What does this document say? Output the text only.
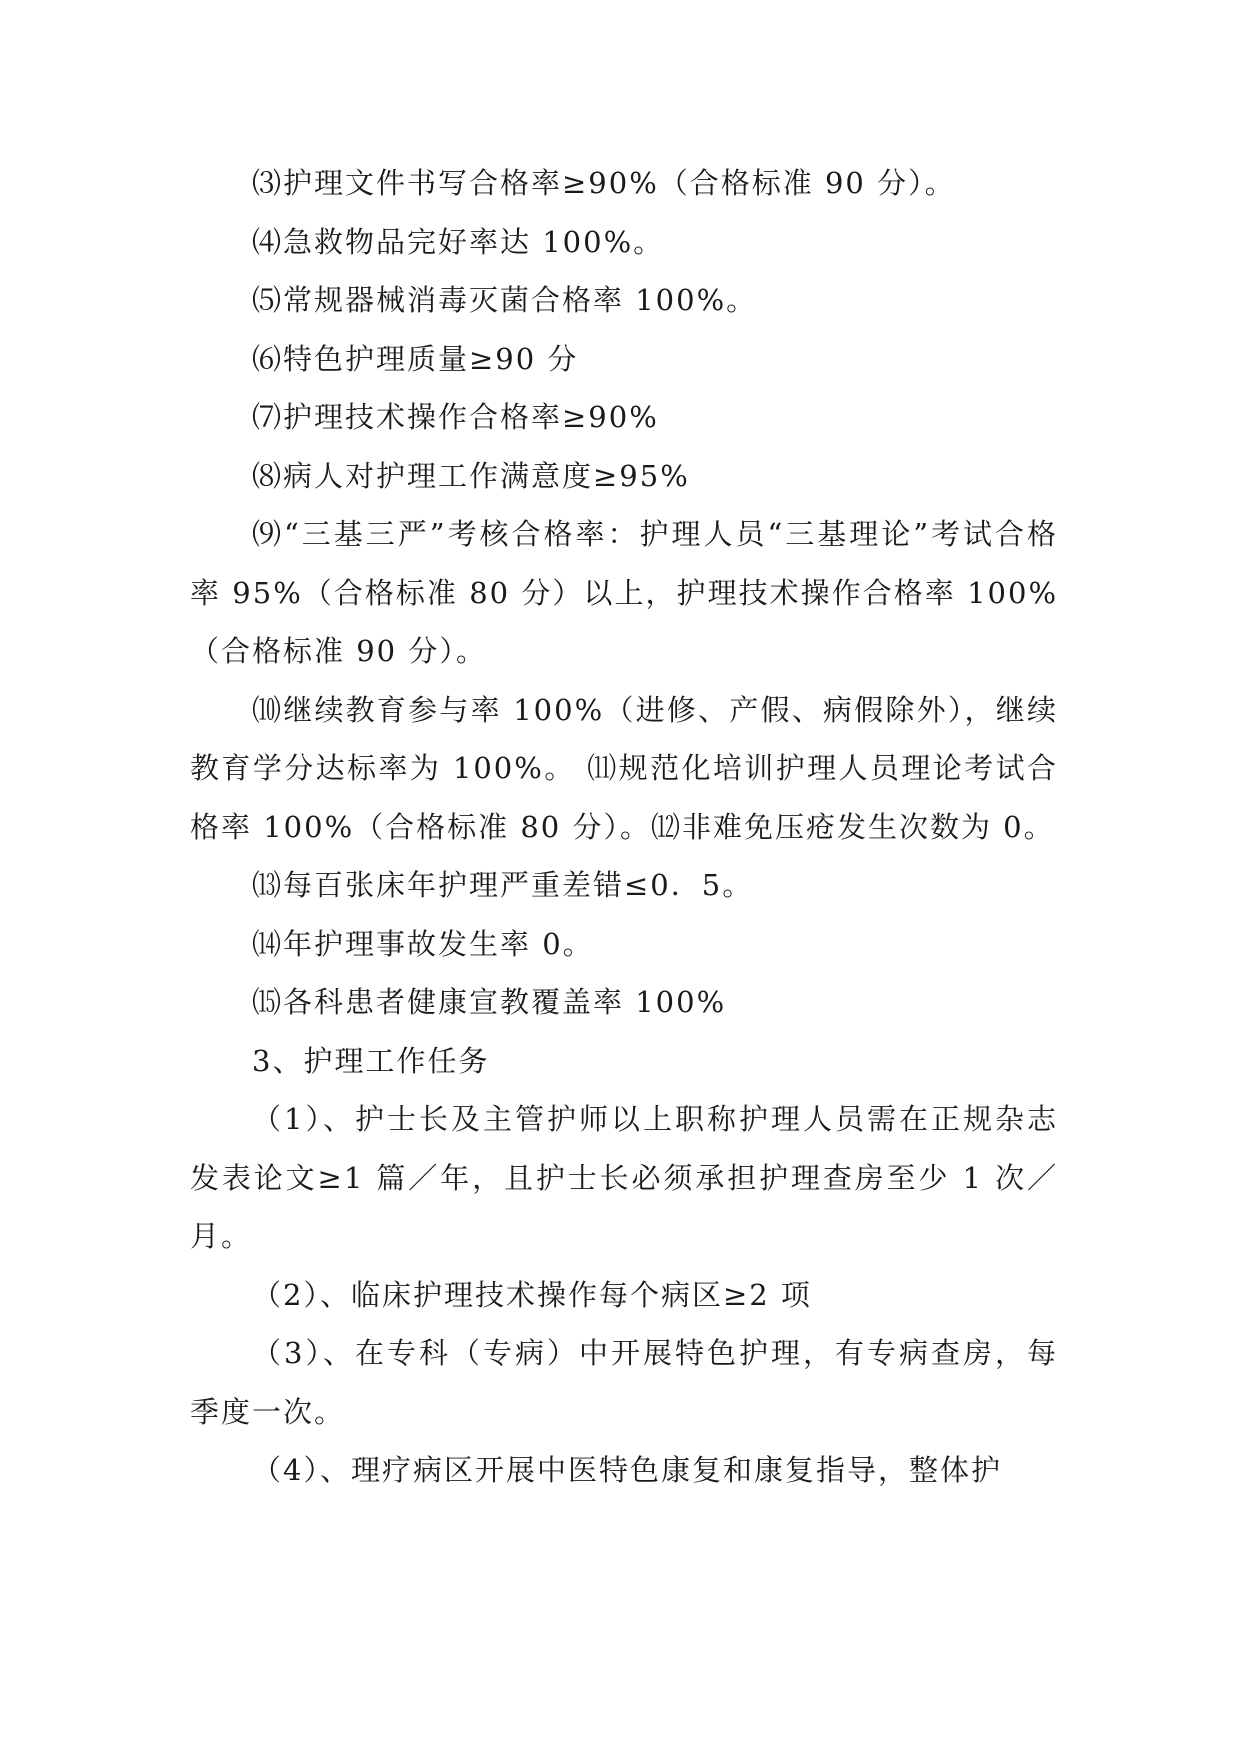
⑶护理文件书写合格率≥90%（合格标准 90 分）。

⑷急救物品完好率达 100%。

⑸常规器械消毒灭菌合格率 100%。

⑹特色护理质量≥90 分

⑺护理技术操作合格率≥90%

⑻病人对护理工作满意度≥95%

⑼“三基三严”考核合格率：护理人员“三基理论”考试合格率 95%（合格标准 80 分）以上，护理技术操作合格率 100%（合格标准 90 分）。

⑽继续教育参与率 100%（进修、产假、病假除外），继续教育学分达标率为 100%。 ⑾规范化培训护理人员理论考试合格率 100%（合格标准 80 分）。⑿非难免压疮发生次数为 0。

⒀每百张床年护理严重差错≤0．5。

⒁年护理事故发生率 0。

⒂各科患者健康宣教覆盖率 100%

3、护理工作任务

（1）、护士长及主管护师以上职称护理人员需在正规杂志发表论文≥1 篇／年，且护士长必须承担护理查房至少 1 次／月。

（2）、临床护理技术操作每个病区≥2 项

（3）、在专科（专病）中开展特色护理，有专病查房，每季度一次。

（4）、理疗病区开展中医特色康复和康复指导，整体护
